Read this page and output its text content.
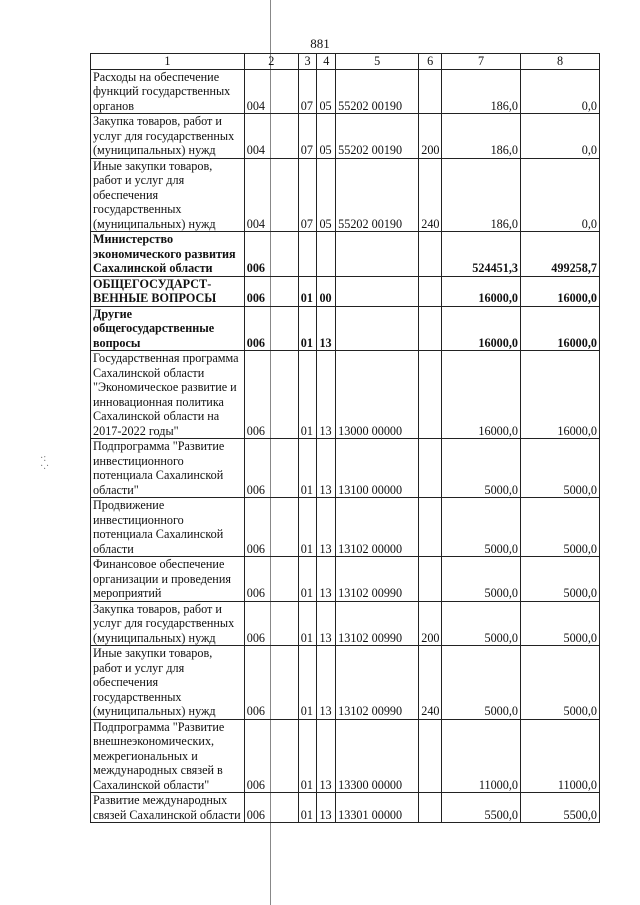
·:
·.·
881
1	2	3	4	5	6	7	8
Расходы на обеспечение функций государственных органов	004	07	05	55202 00190		186,0	0,0
Закупка товаров, работ и услуг для государственных (муниципальных) нужд	004	07	05	55202 00190	200	186,0	0,0
Иные закупки товаров, работ и услуг для обеспечения государственных (муниципальных) нужд	004	07	05	55202 00190	240	186,0	0,0
Министерство экономического развития Сахалинской области	006					524451,3	499258,7
ОБЩЕГОСУДАРСТ-ВЕННЫЕ ВОПРОСЫ	006	01	00			16000,0	16000,0
Другие общегосударственные вопросы	006	01	13			16000,0	16000,0
Государственная программа Сахалинской области "Экономическое развитие и инновационная политика Сахалинской области на 2017-2022 годы"	006	01	13	13000 00000		16000,0	16000,0
Подпрограмма "Развитие инвестиционного потенциала Сахалинской области"	006	01	13	13100 00000		5000,0	5000,0
Продвижение инвестиционного потенциала Сахалинской области	006	01	13	13102 00000		5000,0	5000,0
Финансовое обеспечение организации и проведения мероприятий	006	01	13	13102 00990		5000,0	5000,0
Закупка товаров, работ и услуг для государственных (муниципальных) нужд	006	01	13	13102 00990	200	5000,0	5000,0
Иные закупки товаров, работ и услуг для обеспечения государственных (муниципальных) нужд	006	01	13	13102 00990	240	5000,0	5000,0
Подпрограмма "Развитие внешнеэкономических, межрегиональных и международных связей в Сахалинской области"	006	01	13	13300 00000		11000,0	11000,0
Развитие международных связей Сахалинской области	006	01	13	13301 00000		5500,0	5500,0
